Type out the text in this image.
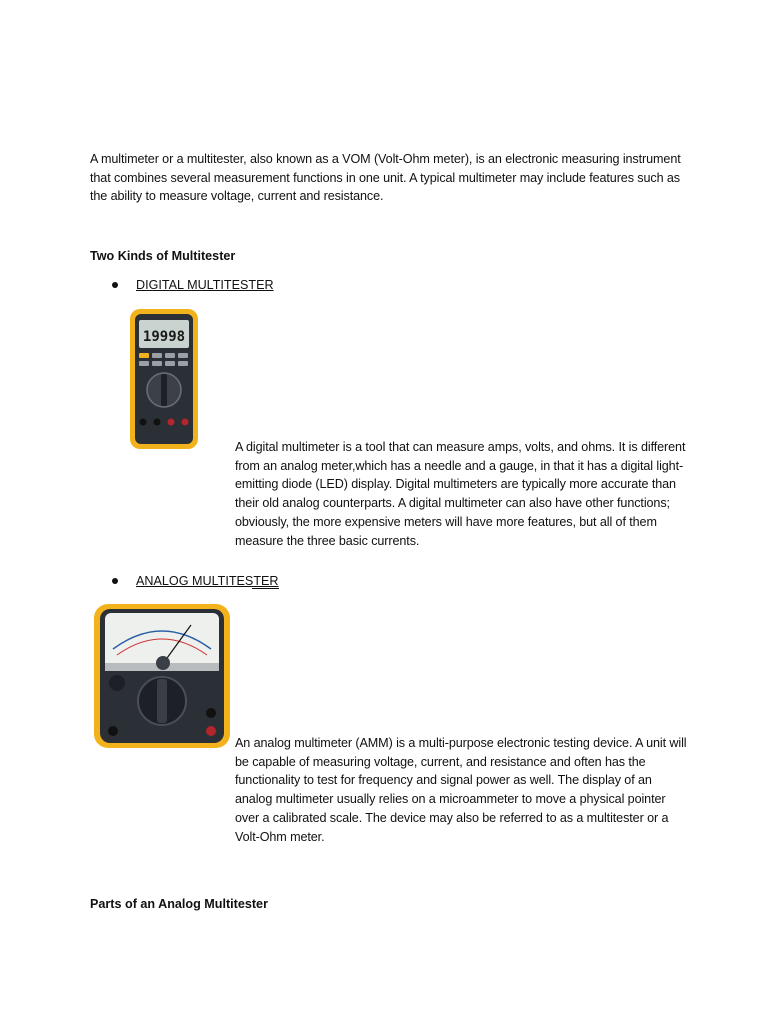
A multimeter or a multitester, also known as a VOM (Volt-Ohm meter), is an electronic measuring instrument that combines several measurement functions in one unit. A typical multimeter may include features such as the ability to measure voltage, current and resistance.
Two Kinds of Multitester
DIGITAL MULTITESTER
19998
A digital multimeter is a tool that can measure amps, volts, and ohms. It is different from an analog meter,which has a needle and a gauge, in that it has a digital light-emitting diode (LED) display. Digital multimeters are typically more accurate than their old analog counterparts. A digital multimeter can also have other functions; obviously, the more expensive meters will have more features, but all of them measure the three basic currents.
ANALOG MULTITESTER
An analog multimeter (AMM) is a multi-purpose electronic testing device. A unit will be capable of measuring voltage, current, and resistance and often has the functionality to test for frequency and signal power as well. The display of an analog multimeter usually relies on a microammeter to move a physical pointer over a calibrated scale. The device may also be referred to as a multitester or a Volt-Ohm meter.
Parts of an Analog Multitester
